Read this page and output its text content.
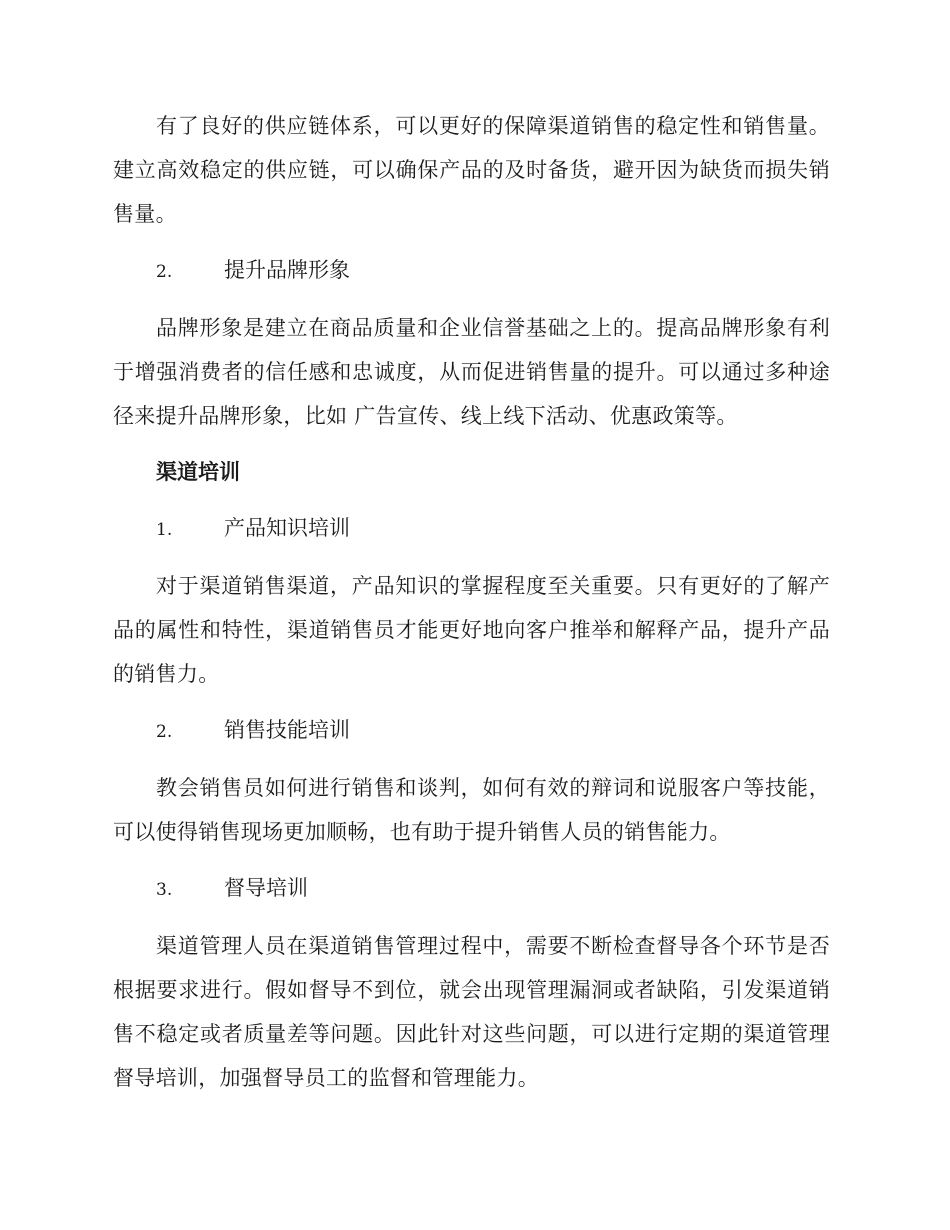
有了良好的供应链体系，可以更好的保障渠道销售的稳定性和销售量。建立高效稳定的供应链，可以确保产品的及时备货，避开因为缺货而损失销售量。

2. 提升品牌形象

品牌形象是建立在商品质量和企业信誉基础之上的。提高品牌形象有利于增强消费者的信任感和忠诚度，从而促进销售量的提升。可以通过多种途径来提升品牌形象，比如 广告宣传、线上线下活动、优惠政策等。

渠道培训

1. 产品知识培训

对于渠道销售渠道，产品知识的掌握程度至关重要。只有更好的了解产品的属性和特性，渠道销售员才能更好地向客户推举和解释产品，提升产品的销售力。

2. 销售技能培训

教会销售员如何进行销售和谈判，如何有效的辩词和说服客户等技能，可以使得销售现场更加顺畅，也有助于提升销售人员的销售能力。

3. 督导培训

渠道管理人员在渠道销售管理过程中，需要不断检查督导各个环节是否根据要求进行。假如督导不到位，就会出现管理漏洞或者缺陷，引发渠道销售不稳定或者质量差等问题。因此针对这些问题，可以进行定期的渠道管理督导培训，加强督导员工的监督和管理能力。
